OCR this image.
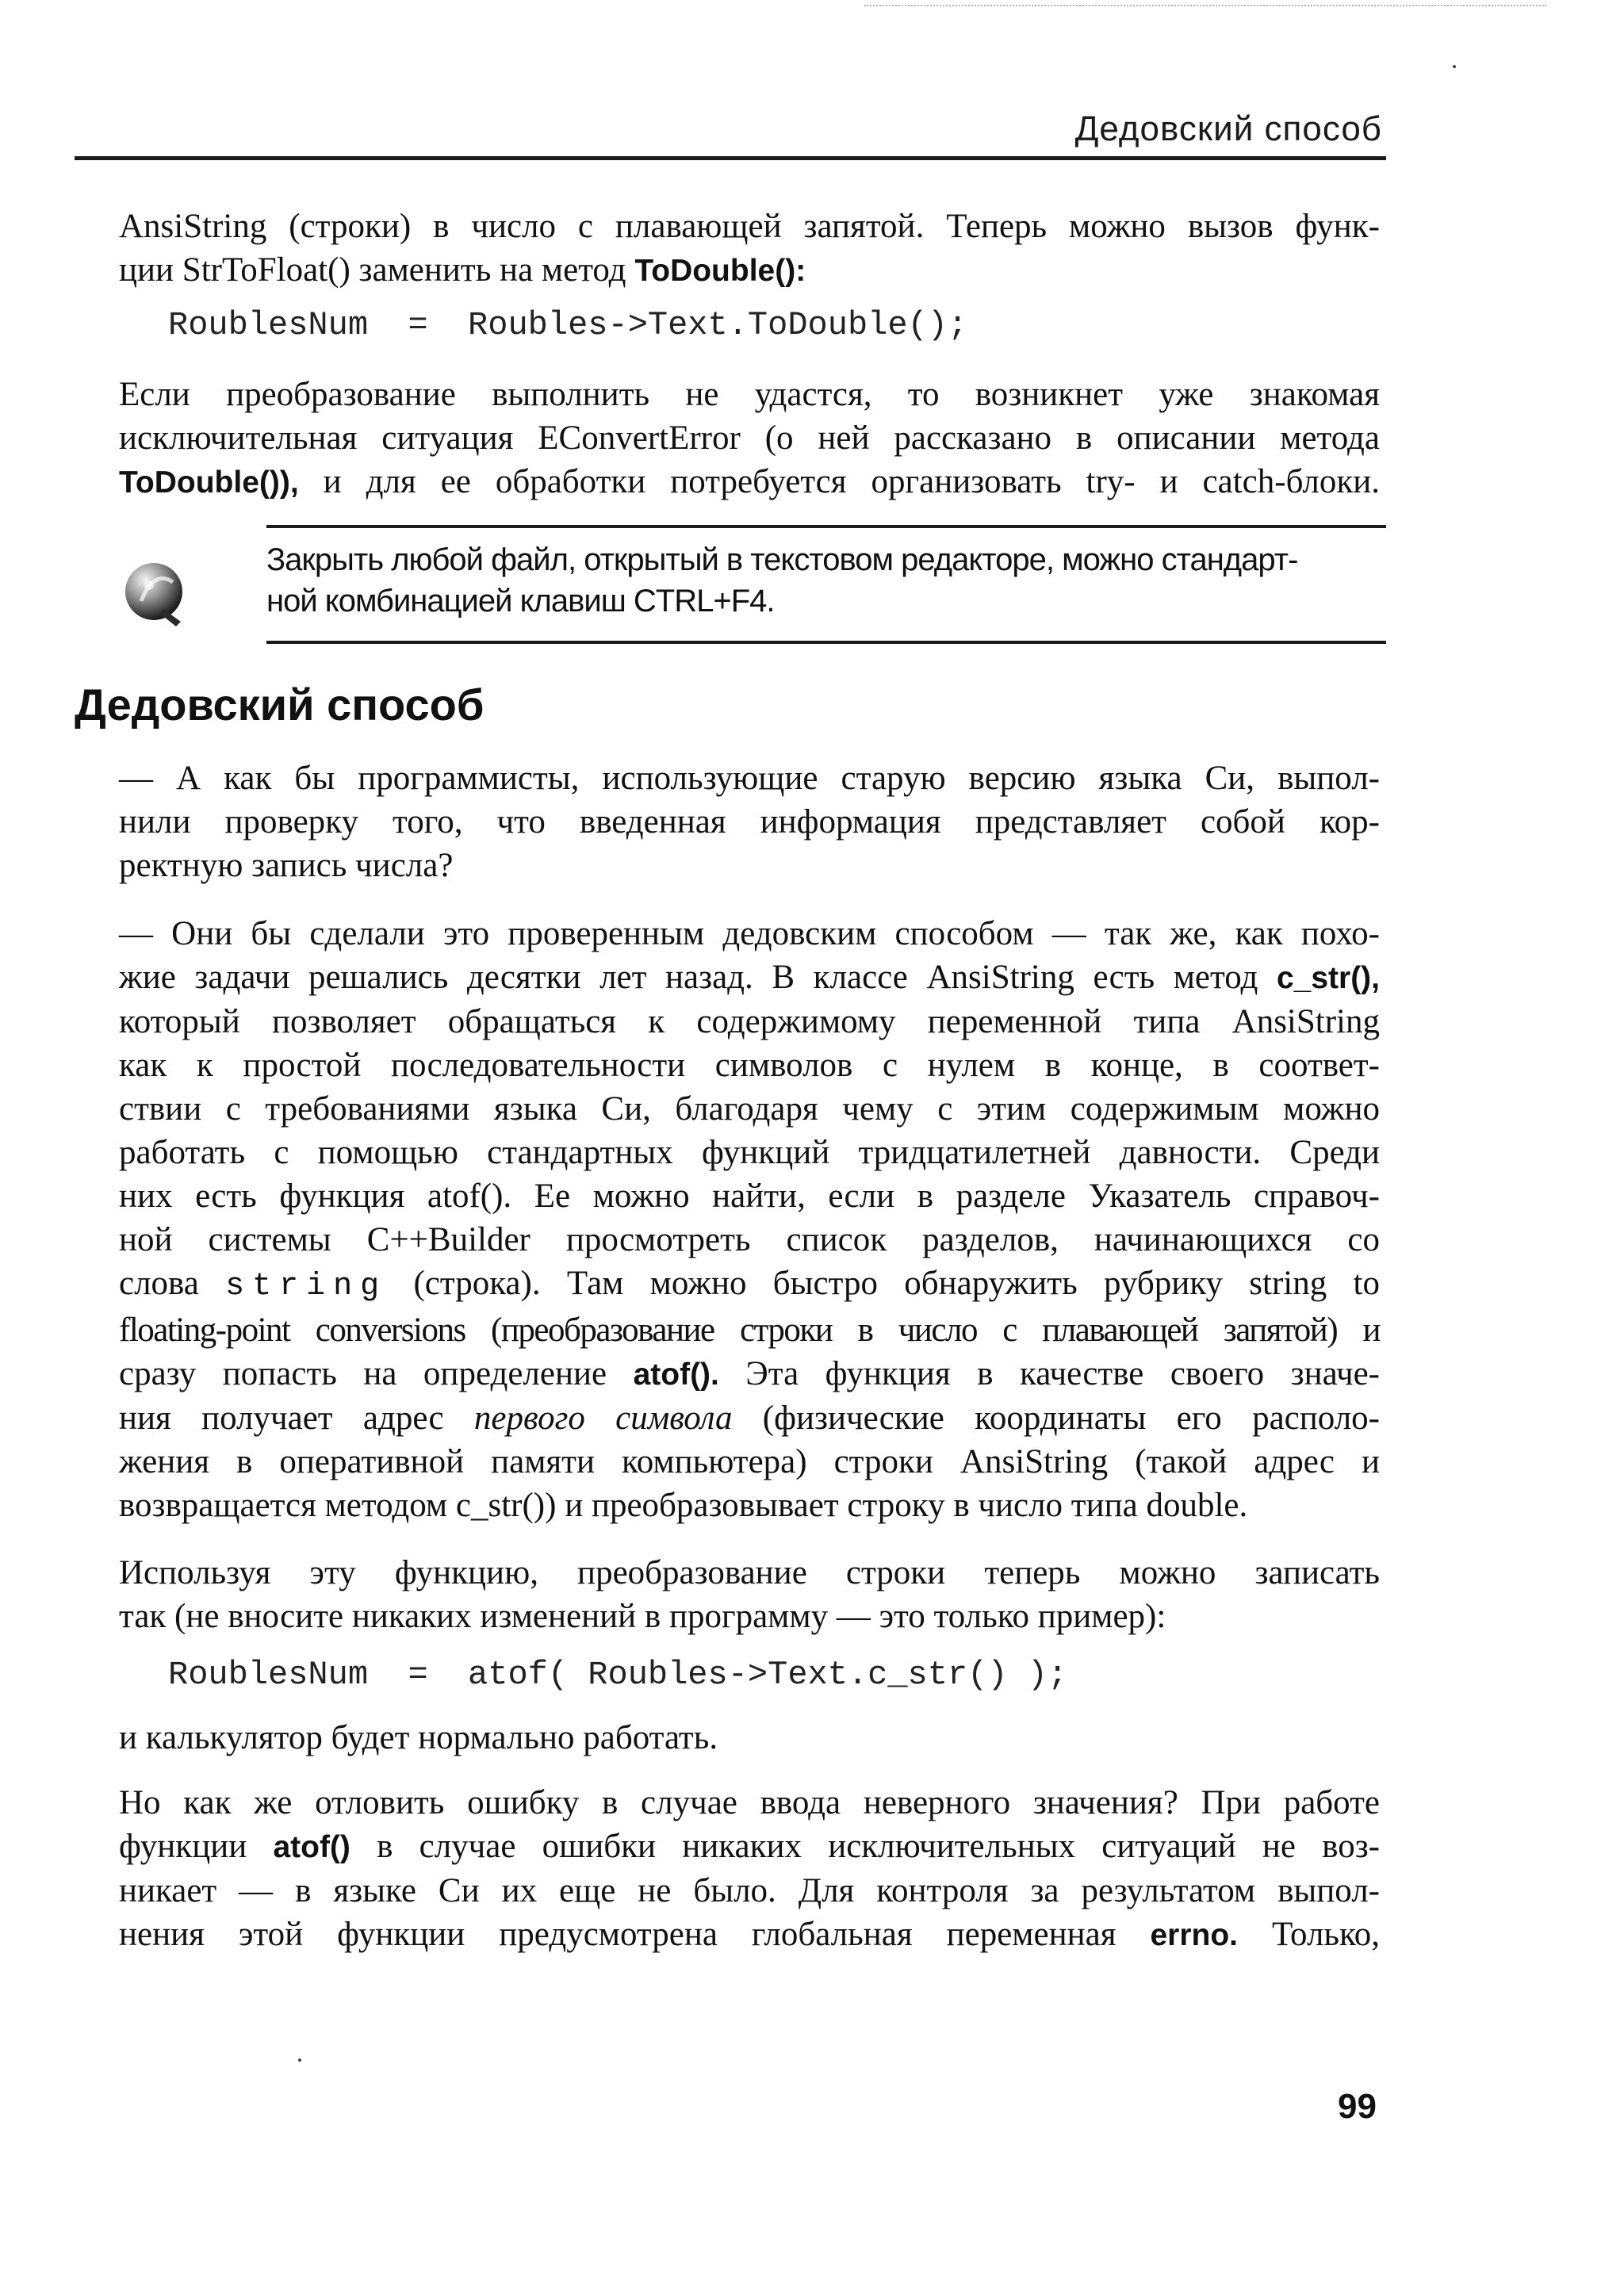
Дедовский способ

AnsiString (строки) в число с плавающей запятой. Теперь можно вызов функ-
ции StrToFloat() заменить на метод ToDouble():

RoublesNum  =  Roubles->Text.ToDouble();

Если преобразование выполнить не удастся, то возникнет уже знакомая
исключительная ситуация EConvertError (о ней рассказано в описании метода
ToDouble()), и для ее обработки потребуется организовать try- и catch-блоки.

Закрыть любой файл, открытый в текстовом редакторе, можно стандарт-
ной комбинацией клавиш CTRL+F4.

Дедовский способ

— А как бы программисты, использующие старую версию языка Си, выпол-
нили проверку того, что введенная информация представляет собой кор-
ректную запись числа?

— Они бы сделали это проверенным дедовским способом — так же, как похо-
жие задачи решались десятки лет назад. В классе AnsiString есть метод c_str(),
который позволяет обращаться к содержимому переменной типа AnsiString
как к простой последовательности символов с нулем в конце, в соответ-
ствии с требованиями языка Си, благодаря чему с этим содержимым можно
работать с помощью стандартных функций тридцатилетней давности. Среди
них есть функция atof(). Ее можно найти, если в разделе Указатель справоч-
ной системы C++Builder просмотреть список разделов, начинающихся со
слова string (строка). Там можно быстро обнаружить рубрику string to
floating-point conversions (преобразование строки в число с плавающей запятой) и
сразу попасть на определение atof(). Эта функция в качестве своего значе-
ния получает адрес первого символа (физические координаты его располо-
жения в оперативной памяти компьютера) строки AnsiString (такой адрес и
возвращается методом c_str()) и преобразовывает строку в число типа double.

Используя эту функцию, преобразование строки теперь можно записать
так (не вносите никаких изменений в программу — это только пример):

RoublesNum  =  atof( Roubles->Text.c_str() );

и калькулятор будет нормально работать.

Но как же отловить ошибку в случае ввода неверного значения? При работе
функции atof() в случае ошибки никаких исключительных ситуаций не воз-
никает — в языке Си их еще не было. Для контроля за результатом выпол-
нения этой функции предусмотрена глобальная переменная errno. Только,

99
